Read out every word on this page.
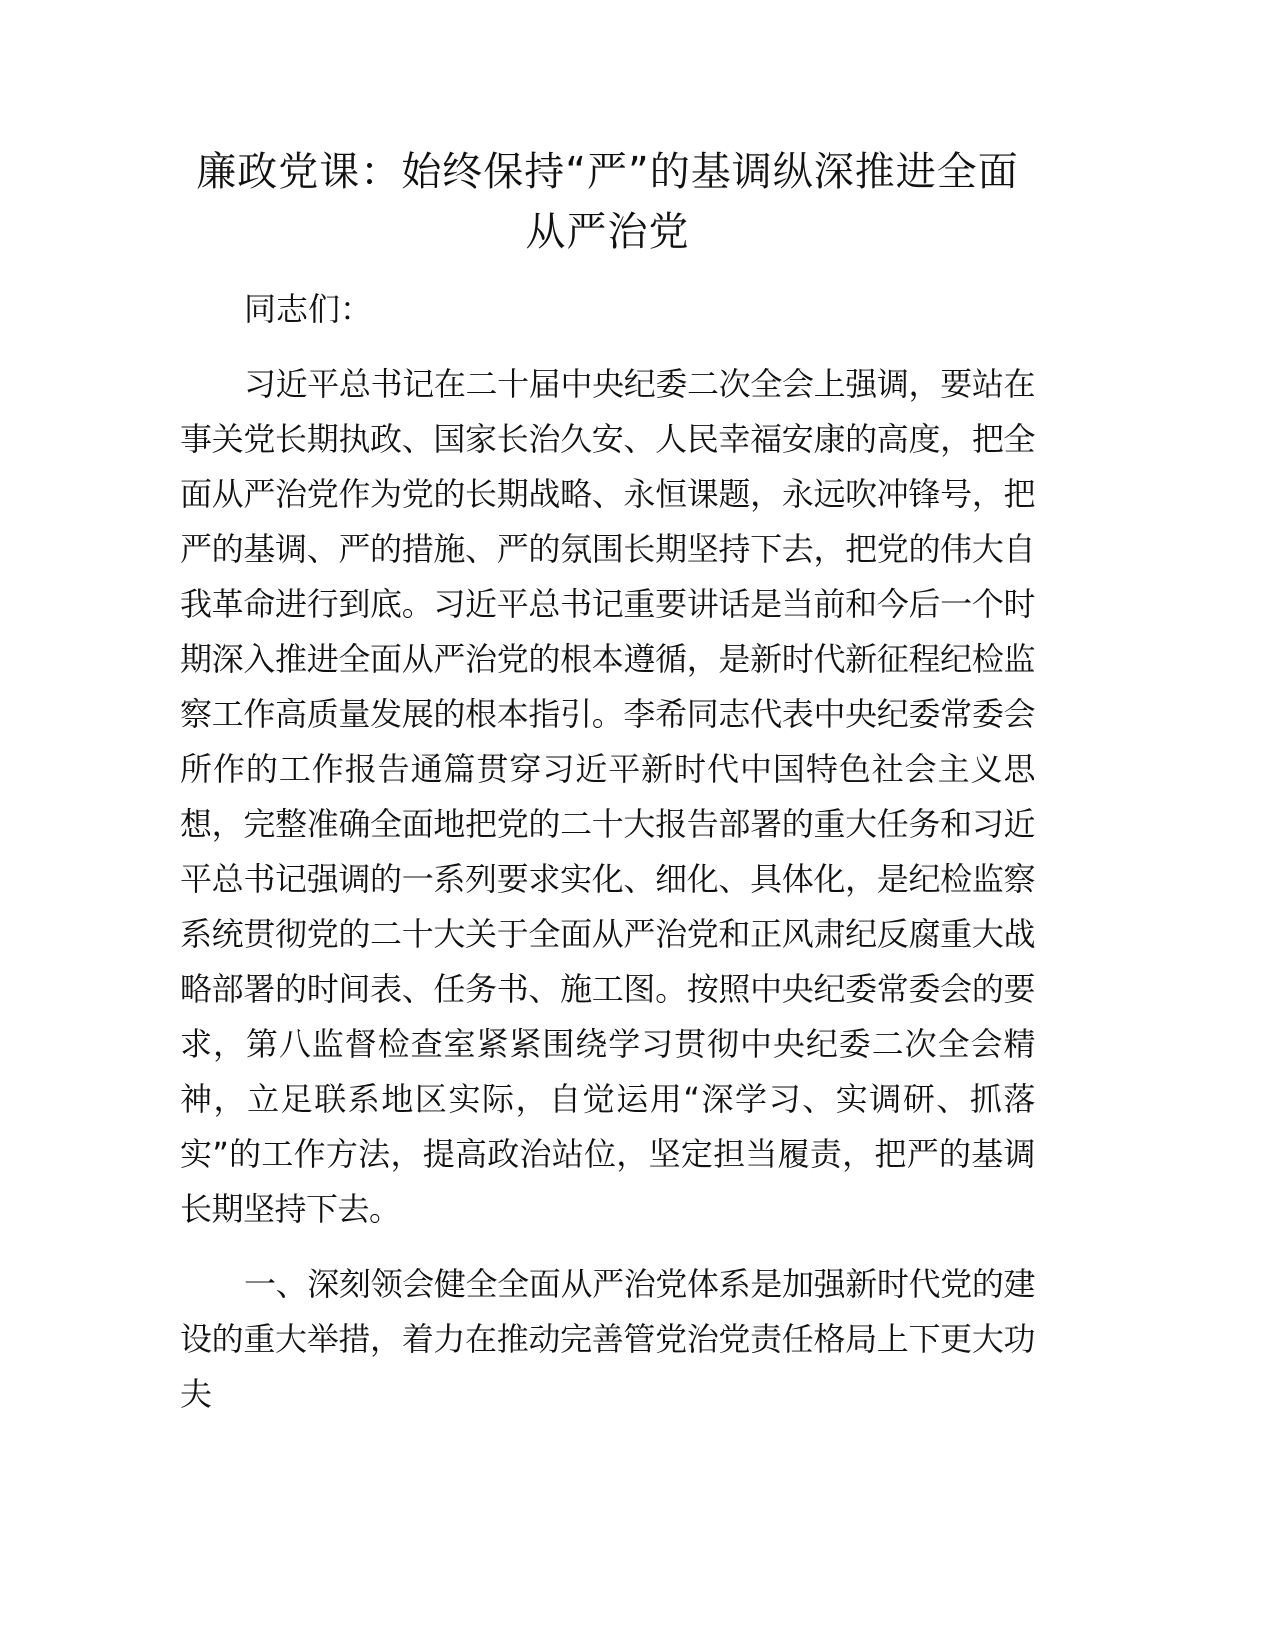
廉政党课：始终保持“严”的基调纵深推进全面从严治党

同志们：

习近平总书记在二十届中央纪委二次全会上强调，要站在事关党长期执政、国家长治久安、人民幸福安康的高度，把全面从严治党作为党的长期战略、永恒课题，永远吹冲锋号，把严的基调、严的措施、严的氛围长期坚持下去，把党的伟大自我革命进行到底。习近平总书记重要讲话是当前和今后一个时期深入推进全面从严治党的根本遵循，是新时代新征程纪检监察工作高质量发展的根本指引。李希同志代表中央纪委常委会所作的工作报告通篇贯穿习近平新时代中国特色社会主义思想，完整准确全面地把党的二十大报告部署的重大任务和习近平总书记强调的一系列要求实化、细化、具体化，是纪检监察系统贯彻党的二十大关于全面从严治党和正风肃纪反腐重大战略部署的时间表、任务书、施工图。按照中央纪委常委会的要求，第八监督检查室紧紧围绕学习贯彻中央纪委二次全会精神，立足联系地区实际，自觉运用“深学习、实调研、抓落实”的工作方法，提高政治站位，坚定担当履责，把严的基调长期坚持下去。

一、深刻领会健全全面从严治党体系是加强新时代党的建设的重大举措，着力在推动完善管党治党责任格局上下更大功夫
